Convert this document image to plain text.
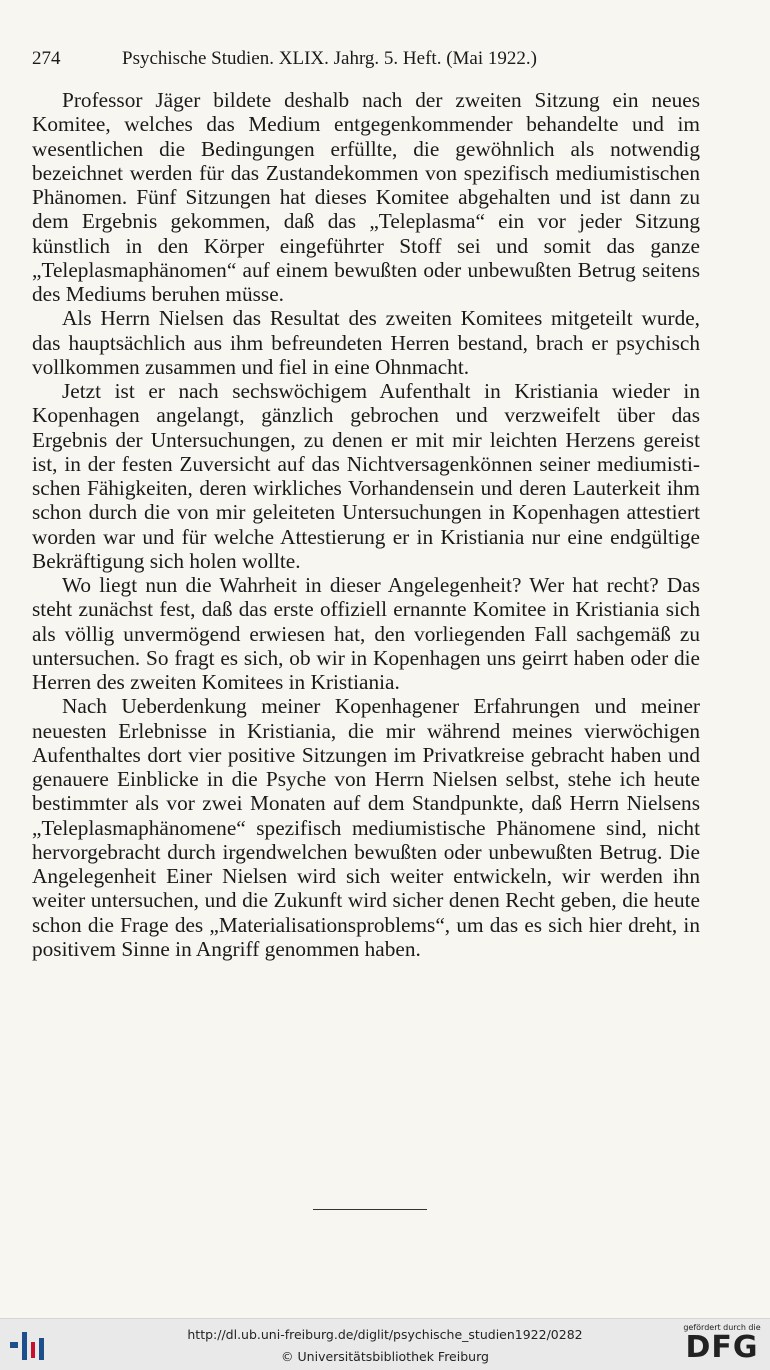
274	Psychische Studien. XLIX. Jahrg. 5. Heft. (Mai 1922.)

Professor Jäger bildete deshalb nach der zweiten Sitzung ein neues Komitee, welches das Medium entgegenkommender behandelte und im wesentlichen die Bedingungen erfüllte, die gewöhnlich als notwendig bezeichnet werden für das Zustandekommen von spezifisch mediumistischen Phänomen. Fünf Sitzungen hat dieses Komitee abgehalten und ist dann zu dem Ergebnis gekommen, daß das „Teleplasma“ ein vor jeder Sitzung künstlich in den Körper eingeführter Stoff sei und somit das ganze „Teleplasmaphänomen“ auf einem bewußten oder unbewußten Betrug seitens des Mediums beruhen müsse.

Als Herrn Nielsen das Resultat des zweiten Komitees mitgeteilt wurde, das hauptsächlich aus ihm befreundeten Herren bestand, brach er psychisch vollkommen zusammen und fiel in eine Ohnmacht.

Jetzt ist er nach sechswöchigem Aufenthalt in Kristiania wieder in Kopenhagen angelangt, gänzlich gebrochen und verzweifelt über das Ergebnis der Untersuchungen, zu denen er mit mir leichten Herzens gereist ist, in der festen Zuversicht auf das Nichtversagenkönnen seiner mediumistischen Fähigkeiten, deren wirkliches Vorhandensein und deren Lauterkeit ihm schon durch die von mir geleiteten Untersuchungen in Kopenhagen attestiert worden war und für welche Attestierung er in Kristiania nur eine endgültige Bekräftigung sich holen wollte.

Wo liegt nun die Wahrheit in dieser Angelegenheit? Wer hat recht? Das steht zunächst fest, daß das erste offiziell ernannte Komitee in Kristiania sich als völlig unvermögend erwiesen hat, den vorliegenden Fall sachgemäß zu untersuchen. So fragt es sich, ob wir in Kopenhagen uns geirrt haben oder die Herren des zweiten Komitees in Kristiania.

Nach Ueberdenkung meiner Kopenhagener Erfahrungen und meiner neuesten Erlebnisse in Kristiania, die mir während meines vierwöchigen Aufenthaltes dort vier positive Sitzungen im Privatkreise gebracht haben und genauere Einblicke in die Psyche von Herrn Nielsen selbst, stehe ich heute bestimmter als vor zwei Monaten auf dem Standpunkte, daß Herrn Nielsens „Teleplasmaphänomene“ spezifisch mediumistische Phänomene sind, nicht hervorgebracht durch irgendwelchen bewußten oder unbewußten Betrug. Die Angelegenheit Einer Nielsen wird sich weiter entwickeln, wir werden ihn weiter untersuchen, und die Zukunft wird sicher denen Recht geben, die heute schon die Frage des „Materialisationsproblems“, um das es sich hier dreht, in positivem Sinne in Angriff genommen haben.

http://dl.ub.uni-freiburg.de/diglit/psychische_studien1922/0282
© Universitätsbibliothek Freiburg
gefördert durch die
DFG
